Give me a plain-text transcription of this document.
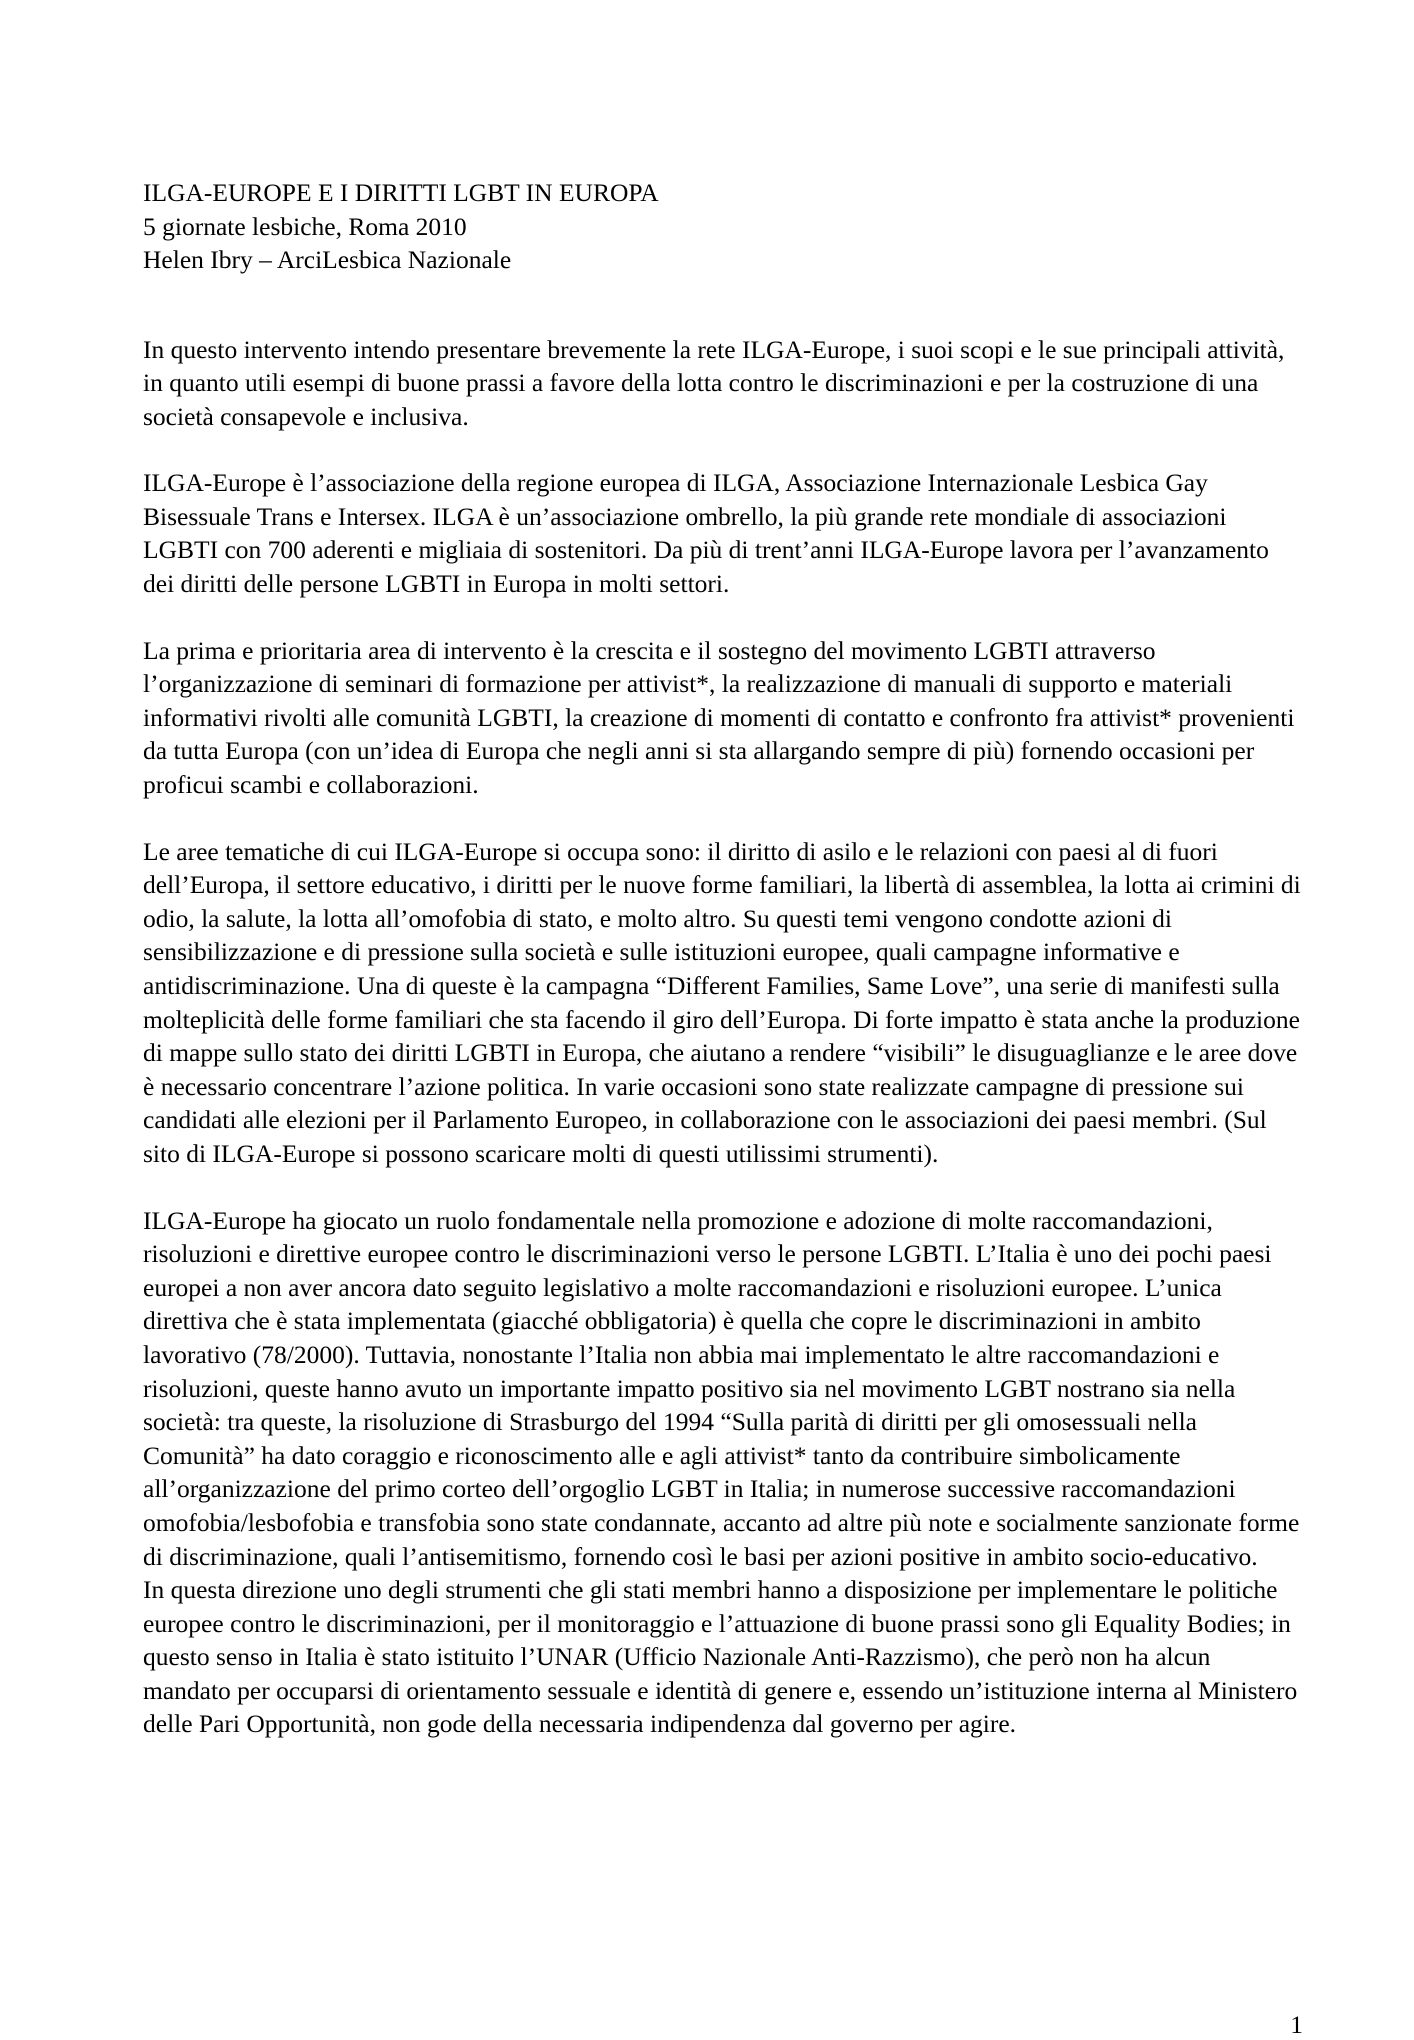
ILGA-EUROPE E I DIRITTI LGBT IN EUROPA
5 giornate lesbiche, Roma 2010
Helen Ibry – ArciLesbica Nazionale

In questo intervento intendo presentare brevemente la rete ILGA-Europe, i suoi scopi e le sue principali attività, in quanto utili esempi di buone prassi a favore della lotta contro le discriminazioni e per la costruzione di una società consapevole e inclusiva.

ILGA-Europe è l’associazione della regione europea di ILGA, Associazione Internazionale Lesbica Gay Bisessuale Trans e Intersex. ILGA è un’associazione ombrello, la più grande rete mondiale di associazioni LGBTI con 700 aderenti e migliaia di sostenitori. Da più di trent’anni ILGA-Europe lavora per l’avanzamento dei diritti delle persone LGBTI in Europa in molti settori.

La prima e prioritaria area di intervento è la crescita e il sostegno del movimento LGBTI attraverso l’organizzazione di seminari di formazione per attivist*, la realizzazione di manuali di supporto e materiali informativi rivolti alle comunità LGBTI, la creazione di momenti di contatto e confronto fra attivist* provenienti da tutta Europa (con un’idea di Europa che negli anni si sta allargando sempre di più) fornendo occasioni per proficui scambi e collaborazioni.

Le aree tematiche di cui ILGA-Europe si occupa sono: il diritto di asilo e le relazioni con paesi al di fuori dell’Europa, il settore educativo, i diritti per le nuove forme familiari, la libertà di assemblea, la lotta ai crimini di odio, la salute, la lotta all’omofobia di stato, e molto altro. Su questi temi vengono condotte azioni di sensibilizzazione e di pressione sulla società e sulle istituzioni europee, quali campagne informative e antidiscriminazione. Una di queste è la campagna “Different Families, Same Love”, una serie di manifesti sulla molteplicità delle forme familiari che sta facendo il giro dell’Europa. Di forte impatto è stata anche la produzione di mappe sullo stato dei diritti LGBTI in Europa, che aiutano a rendere “visibili” le disuguaglianze e le aree dove è necessario concentrare l’azione politica. In varie occasioni sono state realizzate campagne di pressione sui candidati alle elezioni per il Parlamento Europeo, in collaborazione con le associazioni dei paesi membri. (Sul sito di ILGA-Europe si possono scaricare molti di questi utilissimi strumenti).

ILGA-Europe ha giocato un ruolo fondamentale nella promozione e adozione di molte raccomandazioni, risoluzioni e direttive europee contro le discriminazioni verso le persone LGBTI. L’Italia è uno dei pochi paesi europei a non aver ancora dato seguito legislativo a molte raccomandazioni e risoluzioni europee. L’unica direttiva che è stata implementata (giacché obbligatoria) è quella che copre le discriminazioni in ambito lavorativo (78/2000). Tuttavia, nonostante l’Italia non abbia mai implementato le altre raccomandazioni e risoluzioni, queste hanno avuto un importante impatto positivo sia nel movimento LGBT nostrano sia nella società: tra queste, la risoluzione di Strasburgo del 1994 “Sulla parità di diritti per gli omosessuali nella Comunità” ha dato coraggio e riconoscimento alle e agli attivist* tanto da contribuire simbolicamente all’organizzazione del primo corteo dell’orgoglio LGBT in Italia; in numerose successive raccomandazioni omofobia/lesbofobia e transfobia sono state condannate, accanto ad altre più note e socialmente sanzionate forme di discriminazione, quali l’antisemitismo, fornendo così le basi per azioni positive in ambito socio-educativo.

In questa direzione uno degli strumenti che gli stati membri hanno a disposizione per implementare le politiche europee contro le discriminazioni, per il monitoraggio e l’attuazione di buone prassi sono gli Equality Bodies; in questo senso in Italia è stato istituito l’UNAR (Ufficio Nazionale Anti-Razzismo), che però non ha alcun mandato per occuparsi di orientamento sessuale e identità di genere e, essendo un’istituzione interna al Ministero delle Pari Opportunità, non gode della necessaria indipendenza dal governo per agire.

1
